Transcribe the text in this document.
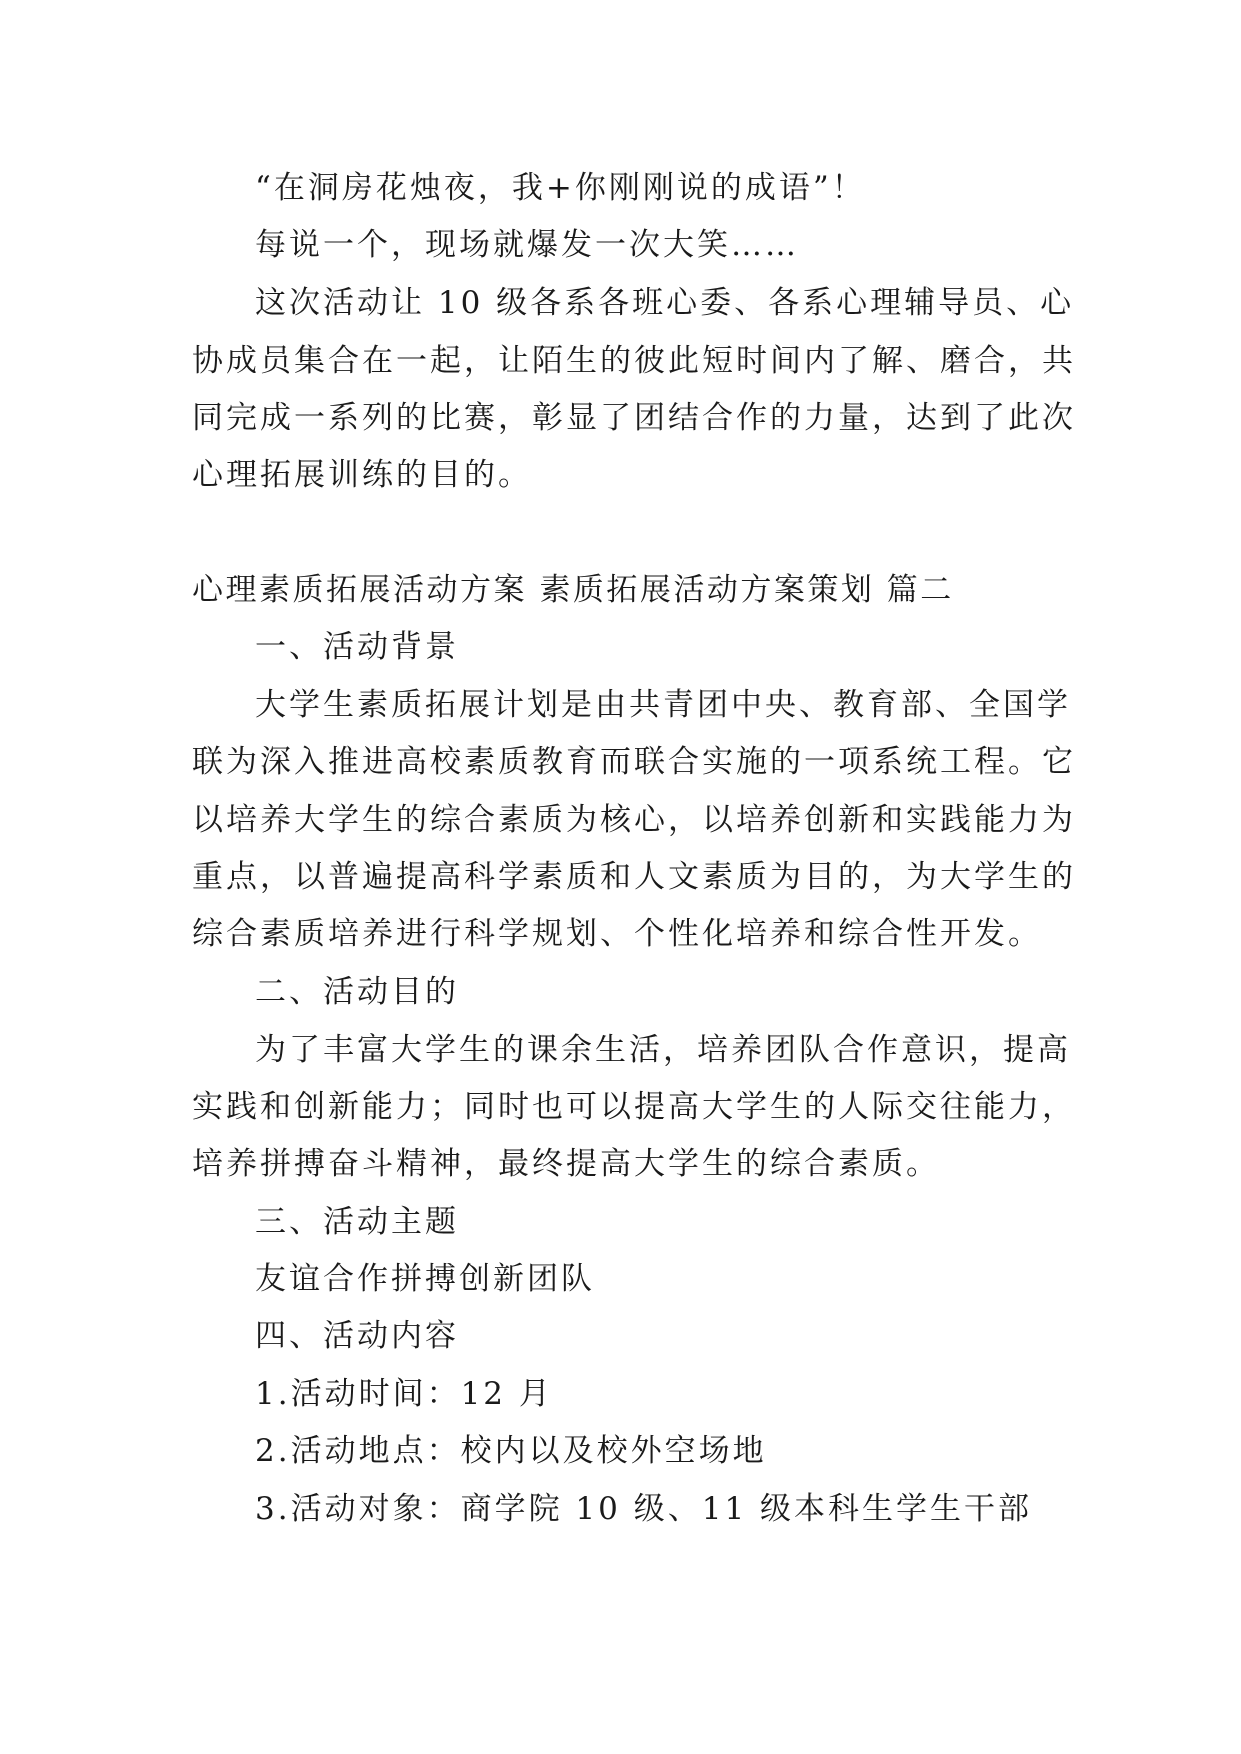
“在洞房花烛夜，我+你刚刚说的成语”！
每说一个，现场就爆发一次大笑……
这次活动让 10 级各系各班心委、各系心理辅导员、心
协成员集合在一起，让陌生的彼此短时间内了解、磨合，共
同完成一系列的比赛，彰显了团结合作的力量，达到了此次
心理拓展训练的目的。
心理素质拓展活动方案 素质拓展活动方案策划 篇二
一、活动背景
大学生素质拓展计划是由共青团中央、教育部、全国学
联为深入推进高校素质教育而联合实施的一项系统工程。它
以培养大学生的综合素质为核心，以培养创新和实践能力为
重点，以普遍提高科学素质和人文素质为目的，为大学生的
综合素质培养进行科学规划、个性化培养和综合性开发。
二、活动目的
为了丰富大学生的课余生活，培养团队合作意识，提高
实践和创新能力；同时也可以提高大学生的人际交往能力，
培养拼搏奋斗精神，最终提高大学生的综合素质。
三、活动主题
友谊合作拼搏创新团队
四、活动内容
1.活动时间：12 月
2.活动地点：校内以及校外空场地
3.活动对象：商学院 10 级、11 级本科生学生干部
